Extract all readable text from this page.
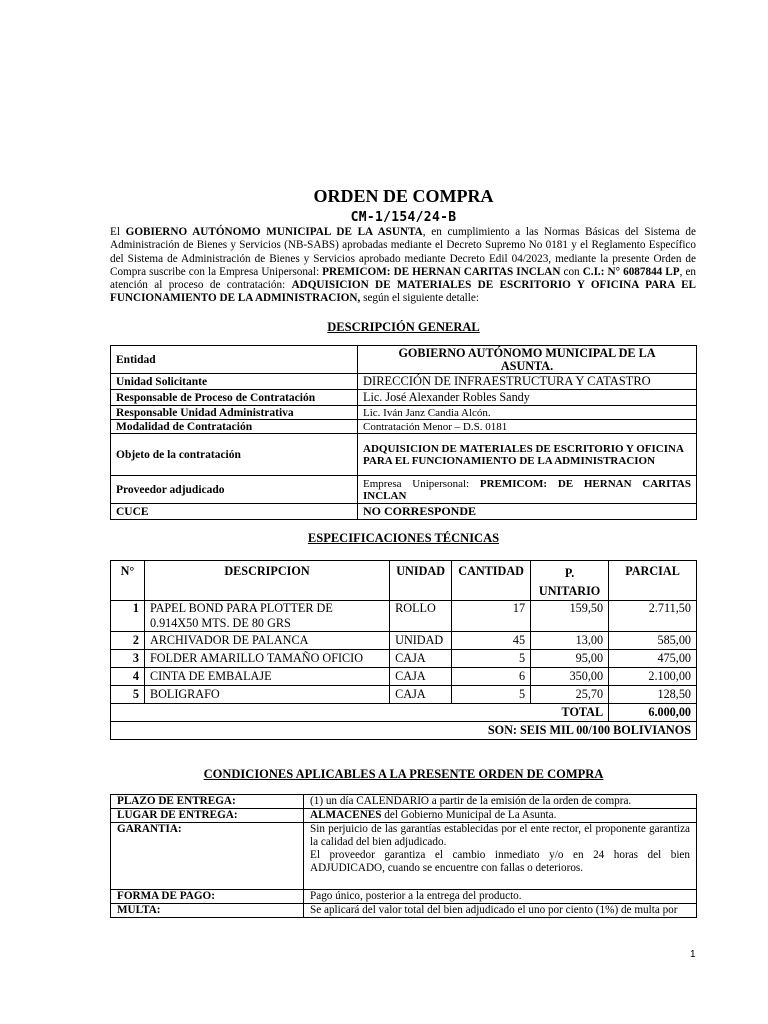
ORDEN DE COMPRA
CM-1/154/24-B
El GOBIERNO AUTÓNOMO MUNICIPAL DE LA ASUNTA, en cumplimiento a las Normas Básicas del Sistema de Administración de Bienes y Servicios (NB-SABS) aprobadas mediante el Decreto Supremo No 0181 y el Reglamento Específico del Sistema de Administración de Bienes y Servicios aprobado mediante Decreto Edil 04/2023, mediante la presente Orden de Compra suscribe con la Empresa Unipersonal: PREMICOM: DE HERNAN CARITAS INCLAN con C.I.: N° 6087844 LP, en atención al proceso de contratación: ADQUISICION DE MATERIALES DE ESCRITORIO Y OFICINA PARA EL FUNCIONAMIENTO DE LA ADMINISTRACION, según el siguiente detalle:
DESCRIPCIÓN GENERAL
Entidad	GOBIERNO AUTÓNOMO MUNICIPAL DE LA ASUNTA.
Unidad Solicitante	DIRECCIÓN DE INFRAESTRUCTURA Y CATASTRO
Responsable de Proceso de Contratación	Lic. José Alexander Robles Sandy
Responsable Unidad Administrativa	Lic. Iván Janz Candia Alcón.
Modalidad de Contratación	Contratación Menor – D.S. 0181
Objeto de la contratación	ADQUISICION DE MATERIALES DE ESCRITORIO Y OFICINA PARA EL FUNCIONAMIENTO DE LA ADMINISTRACION
Proveedor adjudicado	Empresa Unipersonal: PREMICOM: DE HERNAN CARITAS INCLAN
CUCE	NO CORRESPONDE
ESPECIFICACIONES TÉCNICAS
N°	DESCRIPCION	UNIDAD	CANTIDAD	P. UNITARIO	PARCIAL
1	PAPEL BOND PARA PLOTTER DE 0.914X50 MTS. DE 80 GRS	ROLLO	17	159,50	2.711,50
2	ARCHIVADOR DE PALANCA	UNIDAD	45	13,00	585,00
3	FOLDER AMARILLO TAMAÑO OFICIO	CAJA	5	95,00	475,00
4	CINTA DE EMBALAJE	CAJA	6	350,00	2.100,00
5	BOLIGRAFO	CAJA	5	25,70	128,50
TOTAL					6.000,00
SON: SEIS MIL 00/100 BOLIVIANOS					
CONDICIONES APLICABLES A LA PRESENTE ORDEN DE COMPRA
PLAZO DE ENTREGA:	(1) un día CALENDARIO a partir de la emisión de la orden de compra.
LUGAR DE ENTREGA:	ALMACENES del Gobierno Municipal de La Asunta.
GARANTIA:	Sin perjuicio de las garantías establecidas por el ente rector, el proponente garantiza la calidad del bien adjudicado.
El proveedor garantiza el cambio inmediato y/o en 24 horas del bien ADJUDICADO, cuando se encuentre con fallas o deterioros.

FORMA DE PAGO:	Pago único, posterior a la entrega del producto.
MULTA:	Se aplicará del valor total del bien adjudicado el uno por ciento (1%) de multa por
1
